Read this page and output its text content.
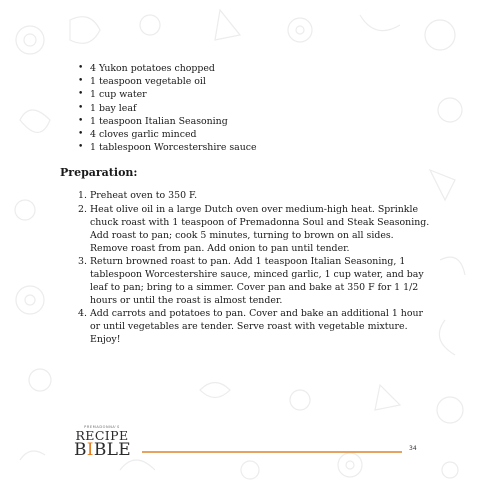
• 4 Yukon potatoes chopped
• 1 teaspoon vegetable oil
• 1 cup water
• 1 bay leaf
• 1 teaspoon Italian Seasoning
• 4 cloves garlic minced
• 1 tablespoon Worcestershire sauce
Preparation:
1. Preheat oven to 350 F.
2. Heat olive oil in a large Dutch oven over medium-high heat. Sprinkle chuck roast with 1 teaspoon of Premadonna Soul and Steak Seasoning. Add roast to pan; cook 5 minutes, turning to brown on all sides. Remove roast from pan. Add onion to pan until tender.
3. Return browned roast to pan. Add 1 teaspoon Italian Seasoning, 1 tablespoon Worcestershire sauce, minced garlic, 1 cup water, and bay leaf to pan; bring to a simmer. Cover pan and bake at 350 F for 1 1/2 hours or until the roast is almost tender.
4. Add carrots and potatoes to pan. Cover and bake an additional 1 hour or until vegetables are tender. Serve roast with vegetable mixture. Enjoy!
PREMADONNA'S
RECIPE
BIBLE	34
